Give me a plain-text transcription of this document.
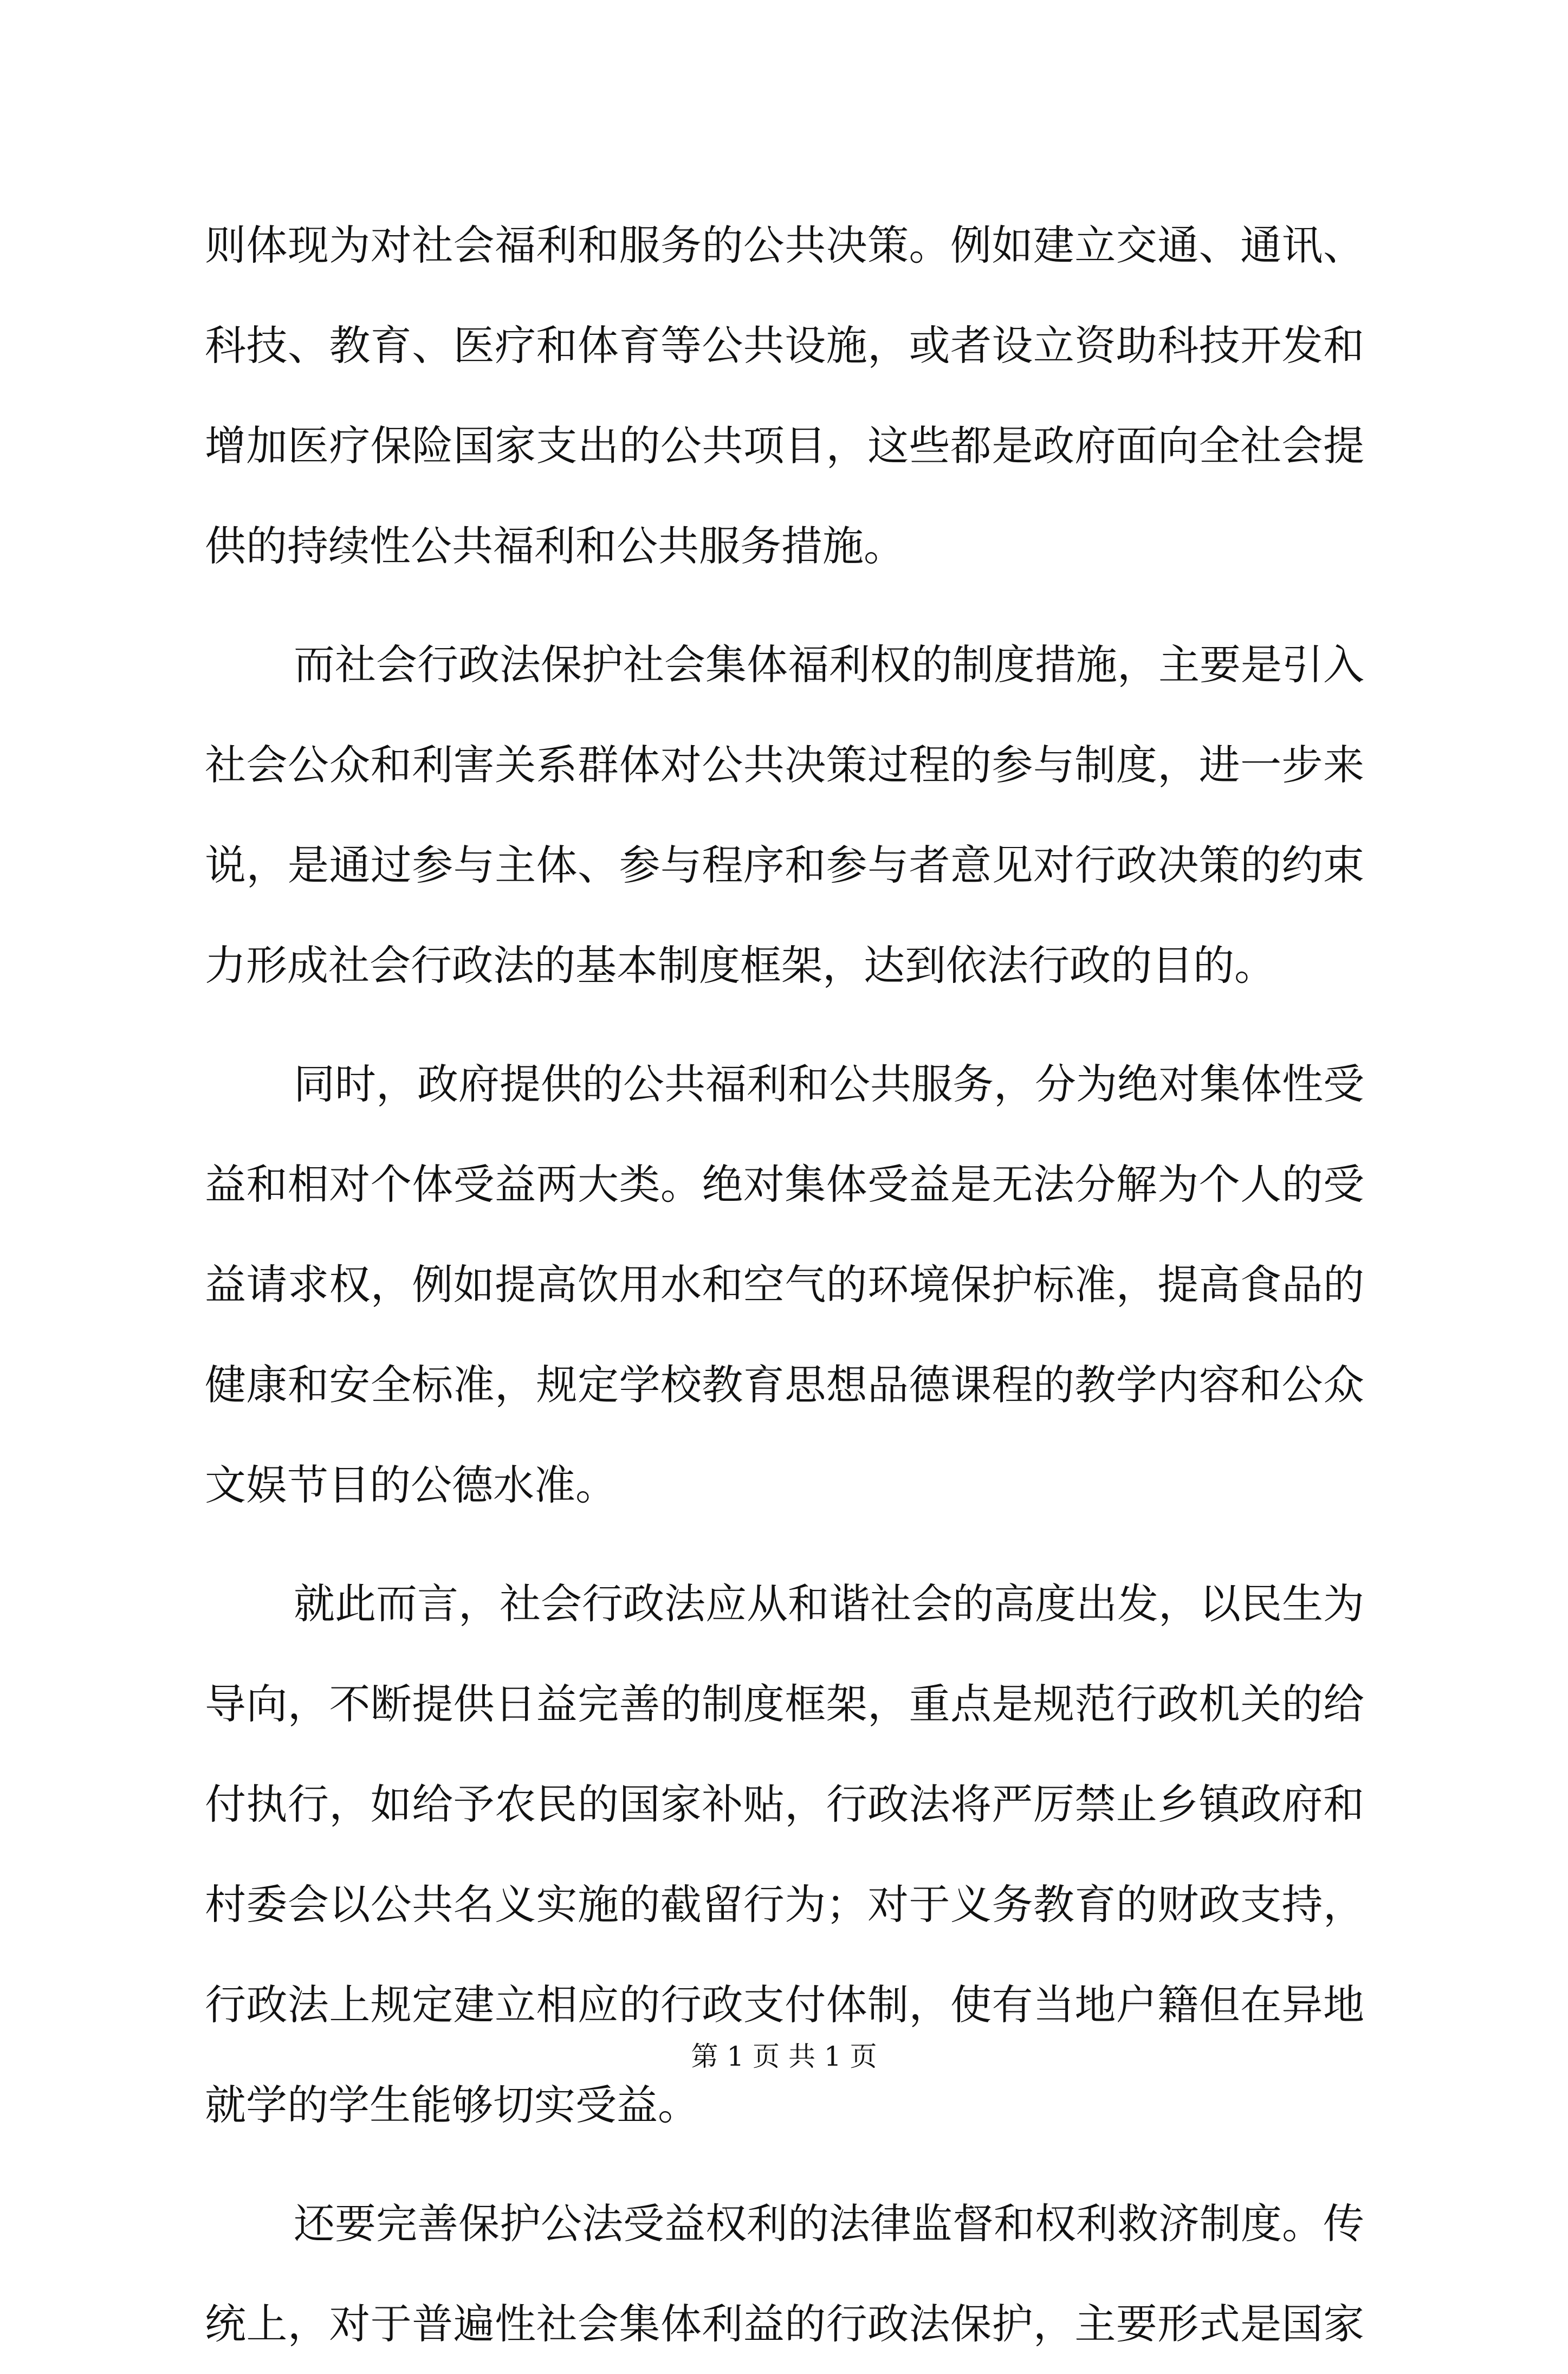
则体现为对社会福利和服务的公共决策。例如建立交通、通讯、
科技、教育、医疗和体育等公共设施，或者设立资助科技开发和
增加医疗保险国家支出的公共项目，这些都是政府面向全社会提
供的持续性公共福利和公共服务措施。
而社会行政法保护社会集体福利权的制度措施，主要是引入
社会公众和利害关系群体对公共决策过程的参与制度，进一步来
说，是通过参与主体、参与程序和参与者意见对行政决策的约束
力形成社会行政法的基本制度框架，达到依法行政的目的。
同时，政府提供的公共福利和公共服务，分为绝对集体性受
益和相对个体受益两大类。绝对集体受益是无法分解为个人的受
益请求权，例如提高饮用水和空气的环境保护标准，提高食品的
健康和安全标准，规定学校教育思想品德课程的教学内容和公众
文娱节目的公德水准。
就此而言，社会行政法应从和谐社会的高度出发，以民生为
导向，不断提供日益完善的制度框架，重点是规范行政机关的给
付执行，如给予农民的国家补贴，行政法将严厉禁止乡镇政府和
村委会以公共名义实施的截留行为；对于义务教育的财政支持，
行政法上规定建立相应的行政支付体制，使有当地户籍但在异地
就学的学生能够切实受益。
还要完善保护公法受益权利的法律监督和权利救济制度。传
统上，对于普遍性社会集体利益的行政法保护，主要形式是国家
第 1 页 共 1 页
